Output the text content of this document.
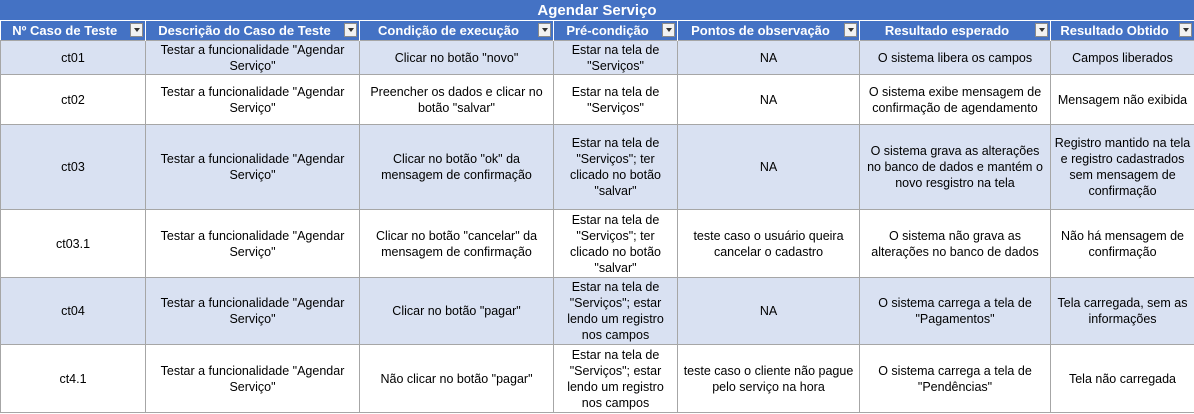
Agendar Serviço
Nº Caso de Teste	Descrição do Caso de Teste	Condição de execução	Pré-condição	Pontos de observação	Resultado esperado	Resultado Obtido

ct01	Testar a funcionalidade "Agendar Serviço"	Clicar no botão "novo"	Estar na tela de "Serviços"	NA	O sistema libera os campos	Campos liberados
ct02	Testar a funcionalidade "Agendar Serviço"	Preencher os dados e clicar no botão "salvar"	Estar na tela de "Serviços"	NA	O sistema exibe mensagem de confirmação de agendamento	Mensagem não exibida
ct03	Testar a funcionalidade "Agendar Serviço"	Clicar no botão "ok" da mensagem de confirmação	Estar na tela de "Serviços"; ter clicado no botão "salvar"	NA	O sistema grava as alterações no banco de dados e mantém o novo resgistro na tela	Registro mantido na tela e registro cadastrados sem mensagem de confirmação
ct03.1	Testar a funcionalidade "Agendar Serviço"	Clicar no botão "cancelar" da mensagem de confirmação	Estar na tela de "Serviços"; ter clicado no botão "salvar"	teste caso o usuário queira cancelar o cadastro	O sistema não grava as alterações no banco de dados	Não há mensagem de confirmação
ct04	Testar a funcionalidade "Agendar Serviço"	Clicar no botão "pagar"	Estar na tela de "Serviços"; estar lendo um registro nos campos	NA	O sistema carrega a tela de "Pagamentos"	Tela carregada, sem as informações
ct4.1	Testar a funcionalidade "Agendar Serviço"	Não clicar no botão "pagar"	Estar na tela de "Serviços"; estar lendo um registro nos campos	teste caso o cliente não pague pelo serviço na hora	O sistema carrega a tela de "Pendências"	Tela não carregada
